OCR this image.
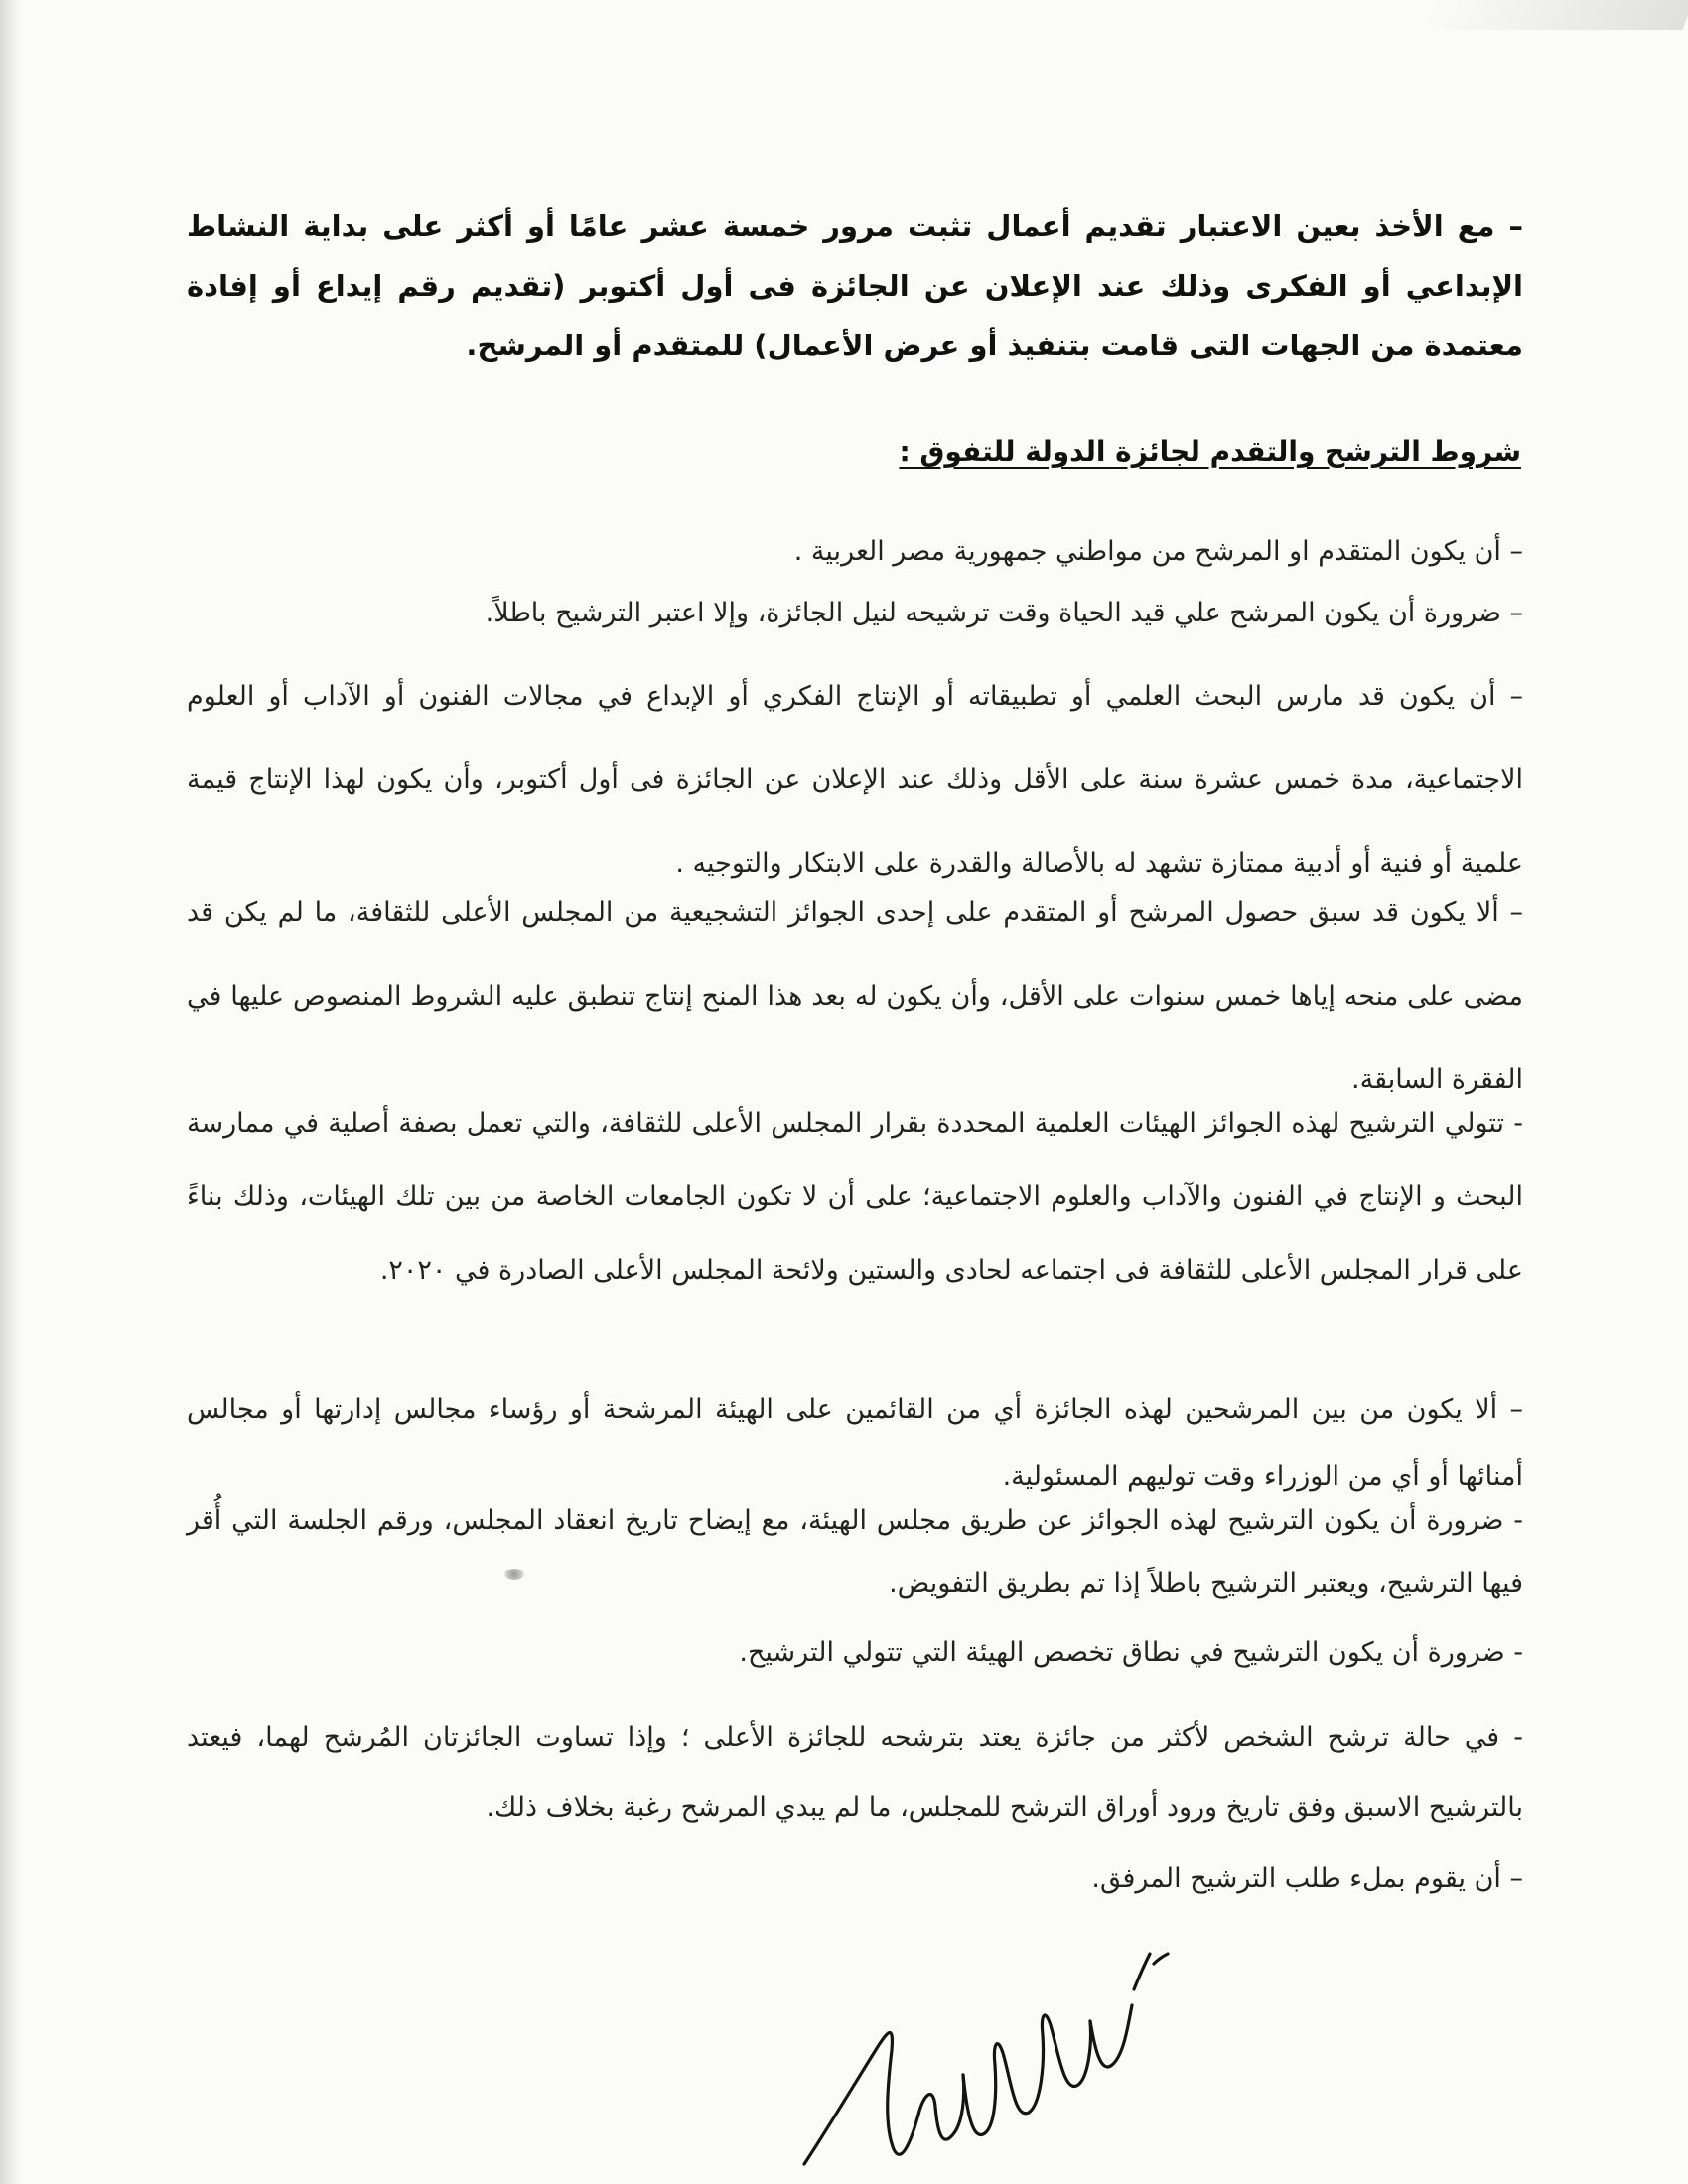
– مع الأخذ بعين الاعتبار تقديم أعمال تثبت مرور خمسة عشر عامًا أو أكثر على بداية النشاط الإبداعي أو الفكرى وذلك عند الإعلان عن الجائزة فى أول أكتوبر (تقديم رقم إيداع أو إفادة معتمدة من الجهات التى قامت بتنفيذ أو عرض الأعمال) للمتقدم أو المرشح.

شروط الترشح والتقدم لجائزة الدولة للتفوق :

– أن يكون المتقدم او المرشح من مواطني جمهورية مصر العربية .

– ضرورة أن يكون المرشح علي قيد الحياة وقت ترشيحه لنيل الجائزة، وإلا اعتبر الترشيح باطلاً.

– أن يكون قد مارس البحث العلمي أو تطبيقاته أو الإنتاج الفكري أو الإبداع في مجالات الفنون أو الآداب أو العلوم الاجتماعية، مدة خمس عشرة سنة على الأقل وذلك عند الإعلان عن الجائزة فى أول أكتوبر، وأن يكون لهذا الإنتاج قيمة علمية أو فنية أو أدبية ممتازة تشهد له بالأصالة والقدرة على الابتكار والتوجيه .

– ألا يكون قد سبق حصول المرشح أو المتقدم على إحدى الجوائز التشجيعية من المجلس الأعلى للثقافة، ما لم يكن قد مضى على منحه إياها خمس سنوات على الأقل، وأن يكون له بعد هذا المنح إنتاج تنطبق عليه الشروط المنصوص عليها في الفقرة السابقة.

- تتولي الترشيح لهذه الجوائز الهيئات العلمية المحددة بقرار المجلس الأعلى للثقافة، والتي تعمل بصفة أصلية في ممارسة البحث و الإنتاج في الفنون والآداب والعلوم الاجتماعية؛ على أن لا تكون الجامعات الخاصة من بين تلك الهيئات، وذلك بناءً على قرار المجلس الأعلى للثقافة فى اجتماعه لحادى والستين ولائحة المجلس الأعلى الصادرة في ٢٠٢٠.

– ألا يكون من بين المرشحين لهذه الجائزة أي من القائمين على الهيئة المرشحة أو رؤساء مجالس إدارتها أو مجالس أمنائها أو أي من الوزراء وقت توليهم المسئولية.

- ضرورة أن يكون الترشيح لهذه الجوائز عن طريق مجلس الهيئة، مع إيضاح تاريخ انعقاد المجلس، ورقم الجلسة التي أُقر فيها الترشيح، ويعتبر الترشيح باطلاً إذا تم بطريق التفويض.

- ضرورة أن يكون الترشيح في نطاق تخصص الهيئة التي تتولي الترشيح.

- في حالة ترشح الشخص لأكثر من جائزة يعتد بترشحه للجائزة الأعلى ؛ وإذا تساوت الجائزتان المُرشح لهما، فيعتد بالترشيح الاسبق وفق تاريخ ورود أوراق الترشح للمجلس، ما لم يبدي المرشح رغبة بخلاف ذلك.

– أن يقوم بملء طلب الترشيح المرفق.
